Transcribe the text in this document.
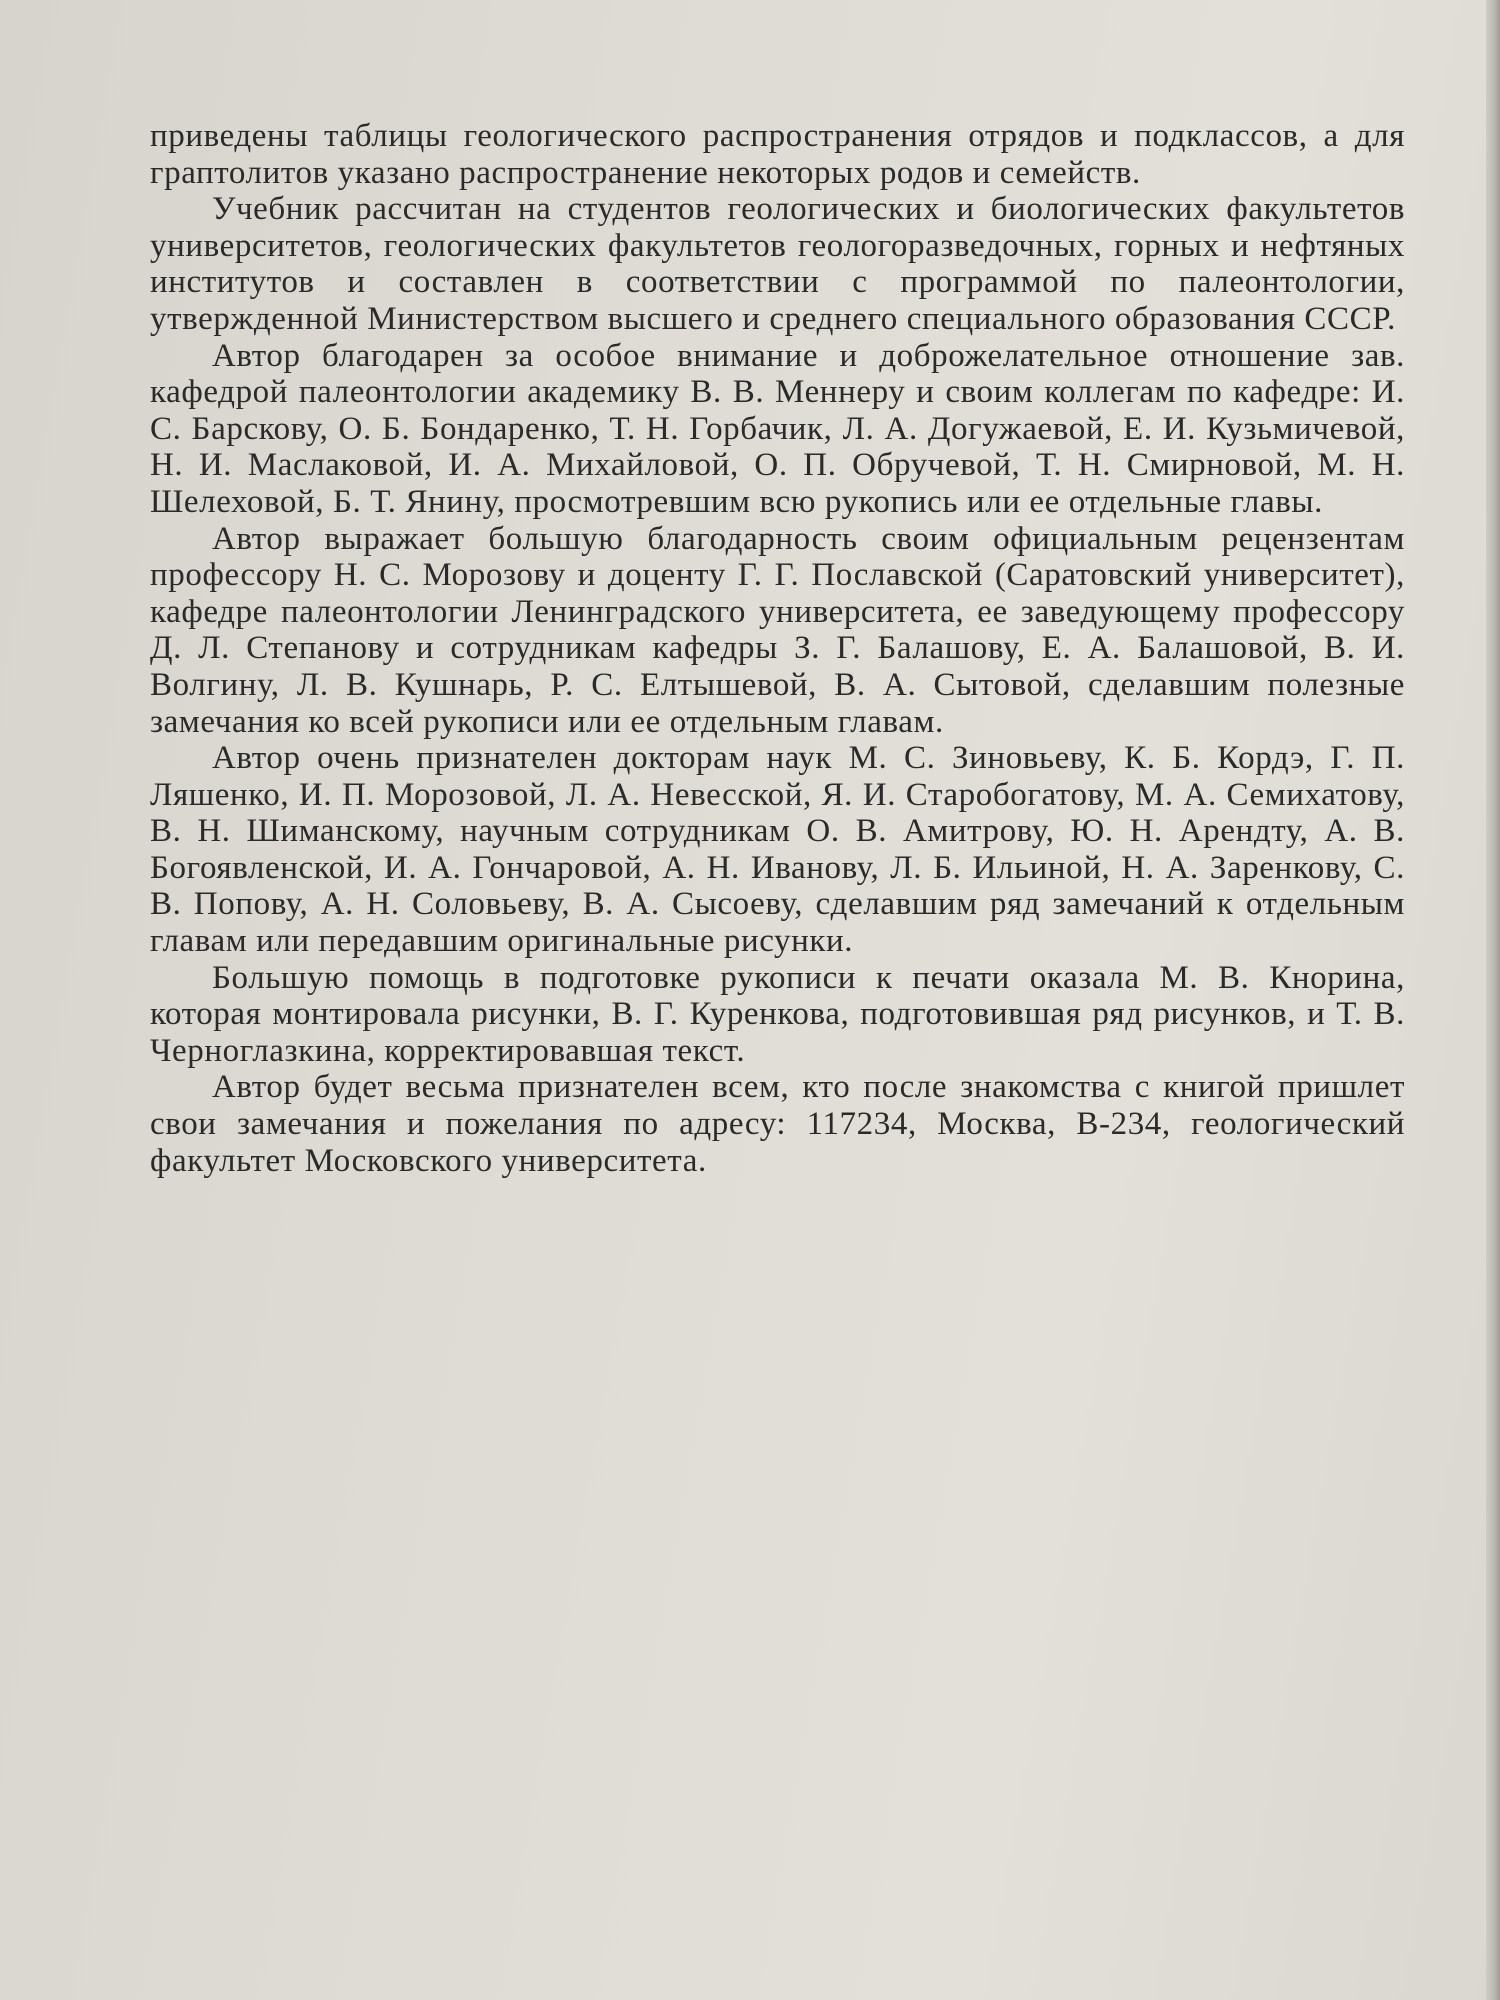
приведены таблицы геологического распространения отрядов и подклассов, а для граптолитов указано распространение некоторых родов и семейств.

Учебник рассчитан на студентов геологических и биологических факультетов университетов, геологических факультетов геологоразведочных, горных и нефтяных институтов и составлен в соответствии с программой по палеонтологии, утвержденной Министерством высшего и среднего специального образования СССР.

Автор благодарен за особое внимание и доброжелательное отношение зав. кафедрой палеонтологии академику В. В. Меннеру и своим коллегам по кафедре: И. С. Барскову, О. Б. Бондаренко, Т. Н. Горбачик, Л. А. Догужаевой, Е. И. Кузьмичевой, Н. И. Маслаковой, И. А. Михайловой, О. П. Обручевой, Т. Н. Смирновой, М. Н. Шелеховой, Б. Т. Янину, просмотревшим всю рукопись или ее отдельные главы.

Автор выражает большую благодарность своим официальным рецензентам профессору Н. С. Морозову и доценту Г. Г. Пославской (Саратовский университет), кафедре палеонтологии Ленинградского университета, ее заведующему профессору Д. Л. Степанову и сотрудникам кафедры З. Г. Балашову, Е. А. Балашовой, В. И. Волгину, Л. В. Кушнарь, Р. С. Елтышевой, В. А. Сытовой, сделавшим полезные замечания ко всей рукописи или ее отдельным главам.

Автор очень признателен докторам наук М. С. Зиновьеву, К. Б. Кордэ, Г. П. Ляшенко, И. П. Морозовой, Л. А. Невесской, Я. И. Старобогатову, М. А. Семихатову, В. Н. Шиманскому, научным сотрудникам О. В. Амитрову, Ю. Н. Арендту, А. В. Богоявленской, И. А. Гончаровой, А. Н. Иванову, Л. Б. Ильиной, Н. А. Заренкову, С. В. Попову, А. Н. Соловьеву, В. А. Сысоеву, сделавшим ряд замечаний к отдельным главам или передавшим оригинальные рисунки.

Большую помощь в подготовке рукописи к печати оказала М. В. Кнорина, которая монтировала рисунки, В. Г. Куренкова, подготовившая ряд рисунков, и Т. В. Черноглазкина, корректировавшая текст.

Автор будет весьма признателен всем, кто после знакомства с книгой пришлет свои замечания и пожелания по адресу: 117234, Москва, В-234, геологический факультет Московского университета.
